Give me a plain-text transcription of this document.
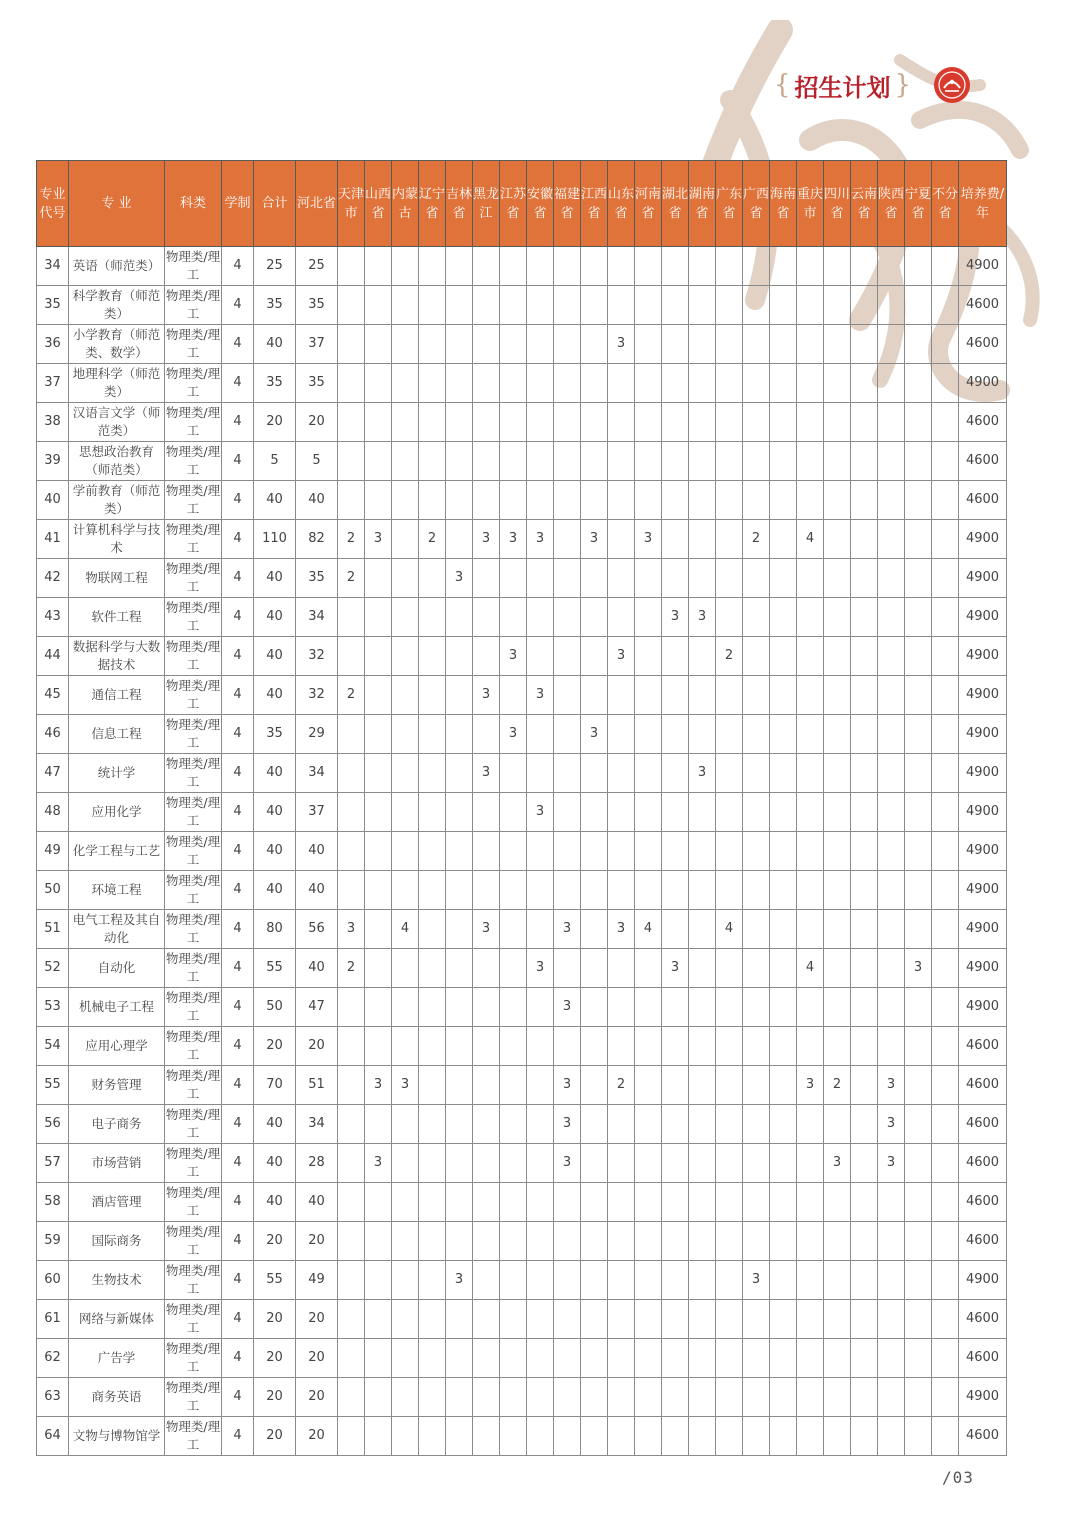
{ 招生计划 }
专业代号	专 业	科类	学制	合计	河北省	天津市	山西省	内蒙古	辽宁省	吉林省	黑龙江	江苏省	安徽省	福建省	江西省	山东省	河南省	湖北省	湖南省	广东省	广西省	海南省	重庆市	四川省	云南省	陕西省	宁夏省	不分省	培养费/年
34	英语（师范类）	物理类/理工	4	25	25																								4900
35	科学教育（师范类）	物理类/理工	4	35	35																								4600
36	小学教育（师范类、数学）	物理类/理工	4	40	37											3													4600
37	地理科学（师范类）	物理类/理工	4	35	35																								4900
38	汉语言文学（师范类）	物理类/理工	4	20	20																								4600
39	思想政治教育（师范类）	物理类/理工	4	5	5																								4600
40	学前教育（师范类）	物理类/理工	4	40	40																								4600
41	计算机科学与技术	物理类/理工	4	110	82	2	3		2		3	3	3		3		3				2		4						4900
42	物联网工程	物理类/理工	4	40	35	2				3																			4900
43	软件工程	物理类/理工	4	40	34													3	3										4900
44	数据科学与大数据技术	物理类/理工	4	40	32							3				3				2									4900
45	通信工程	物理类/理工	4	40	32	2					3		3																4900
46	信息工程	物理类/理工	4	35	29							3			3														4900
47	统计学	物理类/理工	4	40	34						3								3										4900
48	应用化学	物理类/理工	4	40	37								3																4900
49	化学工程与工艺	物理类/理工	4	40	40																								4900
50	环境工程	物理类/理工	4	40	40																								4900
51	电气工程及其自动化	物理类/理工	4	80	56	3		4			3			3		3	4			4									4900
52	自动化	物理类/理工	4	55	40	2							3					3					4				3		4900
53	机械电子工程	物理类/理工	4	50	47									3															4900
54	应用心理学	物理类/理工	4	20	20																								4600
55	财务管理	物理类/理工	4	70	51		3	3						3		2							3	2		3			4600
56	电子商务	物理类/理工	4	40	34									3												3			4600
57	市场营销	物理类/理工	4	40	28		3							3										3		3			4600
58	酒店管理	物理类/理工	4	40	40																								4600
59	国际商务	物理类/理工	4	20	20																								4600
60	生物技术	物理类/理工	4	55	49					3											3								4900
61	网络与新媒体	物理类/理工	4	20	20																								4600
62	广告学	物理类/理工	4	20	20																								4600
63	商务英语	物理类/理工	4	20	20																								4900
64	文物与博物馆学	物理类/理工	4	20	20																								4600
/03
